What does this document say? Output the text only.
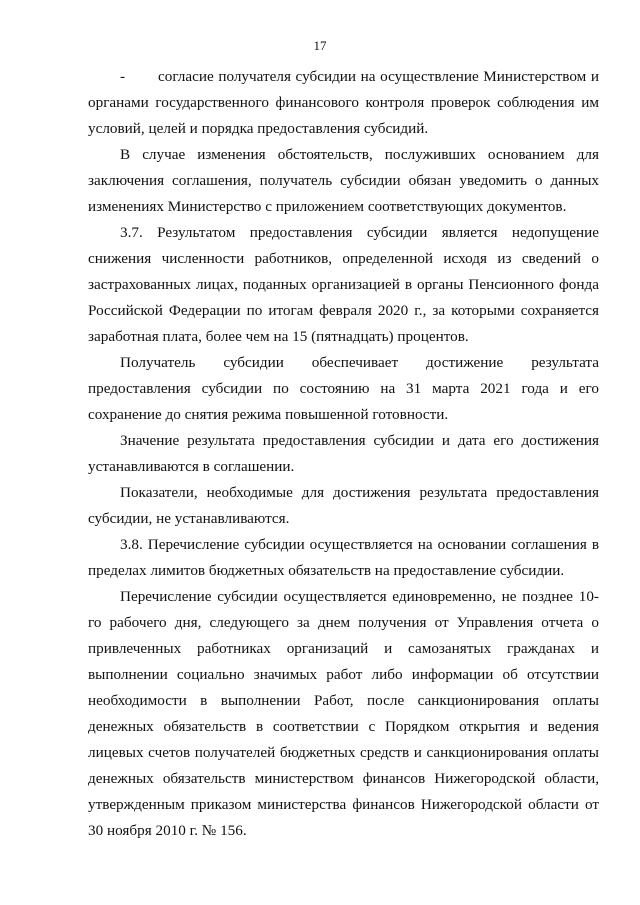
17

- согласие получателя субсидии на осуществление Министерством и органами государственного финансового контроля проверок соблюдения им условий, целей и порядка предоставления субсидий.

В случае изменения обстоятельств, послуживших основанием для заключения соглашения, получатель субсидии обязан уведомить о данных изменениях Министерство с приложением соответствующих документов.

3.7. Результатом предоставления субсидии является недопущение снижения численности работников, определенной исходя из сведений о застрахованных лицах, поданных организацией в органы Пенсионного фонда Российской Федерации по итогам февраля 2020 г., за которыми сохраняется заработная плата, более чем на 15 (пятнадцать) процентов.

Получатель субсидии обеспечивает достижение результата предоставления субсидии по состоянию на 31 марта 2021 года и его сохранение до снятия режима повышенной готовности.

Значение результата предоставления субсидии и дата его достижения устанавливаются в соглашении.

Показатели, необходимые для достижения результата предоставления субсидии, не устанавливаются.

3.8. Перечисление субсидии осуществляется на основании соглашения в пределах лимитов бюджетных обязательств на предоставление субсидии.

Перечисление субсидии осуществляется единовременно, не позднее 10-го рабочего дня, следующего за днем получения от Управления отчета о привлеченных работниках организаций и самозанятых гражданах и выполнении социально значимых работ либо информации об отсутствии необходимости в выполнении Работ, после санкционирования оплаты денежных обязательств в соответствии с Порядком открытия и ведения лицевых счетов получателей бюджетных средств и санкционирования оплаты денежных обязательств министерством финансов Нижегородской области, утвержденным приказом министерства финансов Нижегородской области от 30 ноября 2010 г. № 156.
